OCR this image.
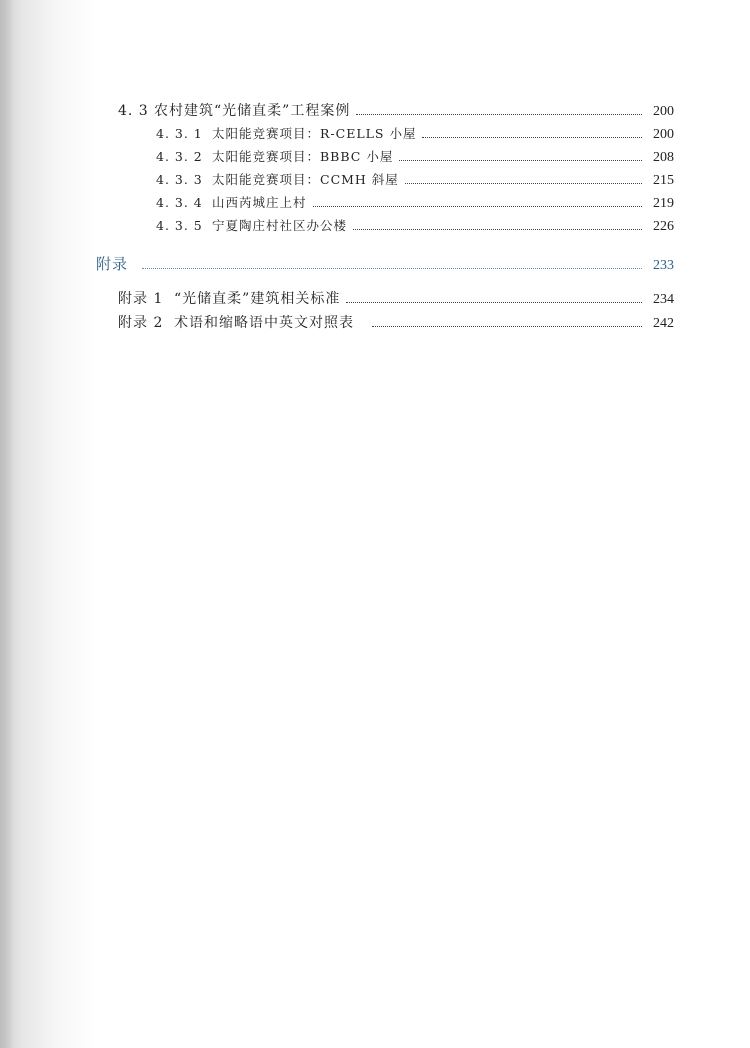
4. 3 农村建筑“光储直柔”工程案例	200
4. 3. 1 太阳能竞赛项目：R-CELLS 小屋	200
4. 3. 2 太阳能竞赛项目：BBBC 小屋	208
4. 3. 3 太阳能竞赛项目：CCMH 斜屋	215
4. 3. 4 山西芮城庄上村	219
4. 3. 5 宁夏陶庄村社区办公楼	226
附录	233
附录 1 “光储直柔”建筑相关标准	234
附录 2 术语和缩略语中英文对照表	242
